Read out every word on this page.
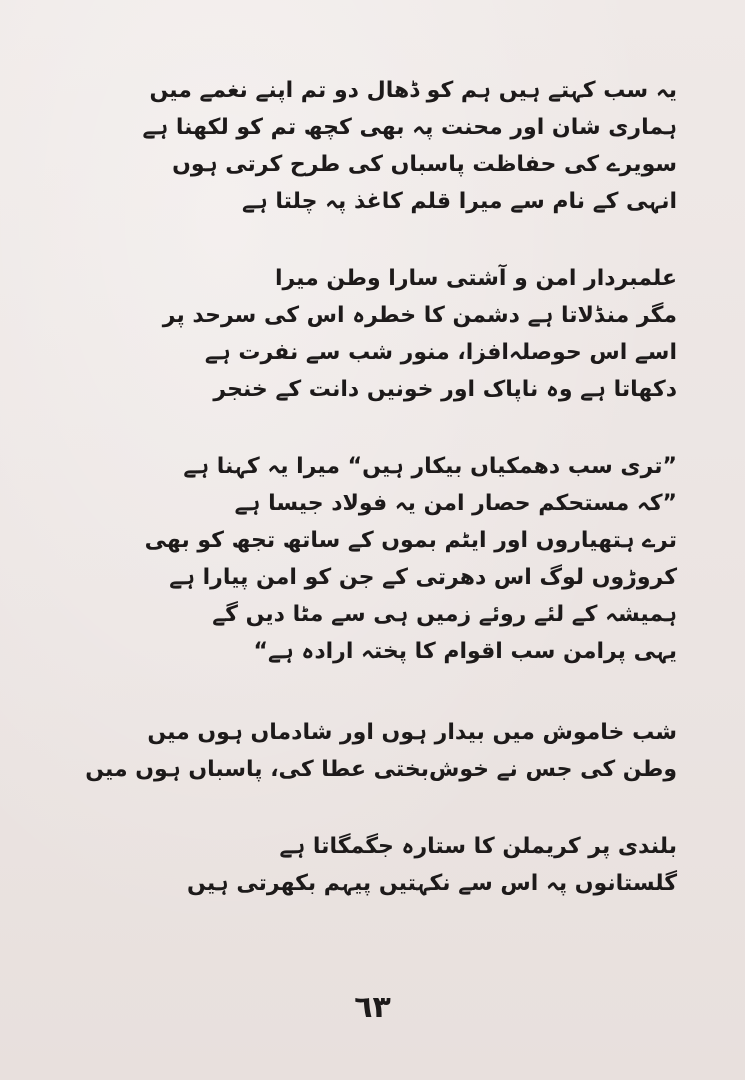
یہ سب کہتے ہیں ہم کو ڈھال دو تم اپنے نغمے میں
ہماری شان اور محنت پہ بھی کچھ تم کو لکھنا ہے
سویرے کی حفاظت پاسباں کی طرح کرتی ہوں
انہی کے نام سے میرا قلم کاغذ پہ چلتا ہے
علمبردار امن و آشتی سارا وطن میرا
مگر منڈلاتا ہے دشمن کا خطرہ اس کی سرحد پر
اسے اس حوصلہ‌افزا، منور شب سے نفرت ہے
دکھاتا ہے وہ ناپاک اور خونیں دانت کے خنجر
”تری سب دھمکیاں بیکار ہیں“ میرا یہ کہنا ہے
”کہ مستحکم حصار امن یہ فولاد جیسا ہے
ترے ہتھیاروں اور ایٹم بموں کے ساتھ تجھ کو بھی
کروڑوں لوگ اس دھرتی کے جن کو امن پیارا ہے
ہمیشہ کے لئے روئے زمیں ہی سے مٹا دیں گے
یہی پرامن سب اقوام کا پختہ ارادہ ہے“
شب خاموش میں بیدار ہوں اور شادماں ہوں میں
وطن کی جس نے خوش‌بختی عطا کی، پاسباں ہوں میں
بلندی پر کریملن کا ستارہ جگمگاتا ہے
گلستانوں پہ اس سے نکہتیں پیہم بکھرتی ہیں
٦٣
